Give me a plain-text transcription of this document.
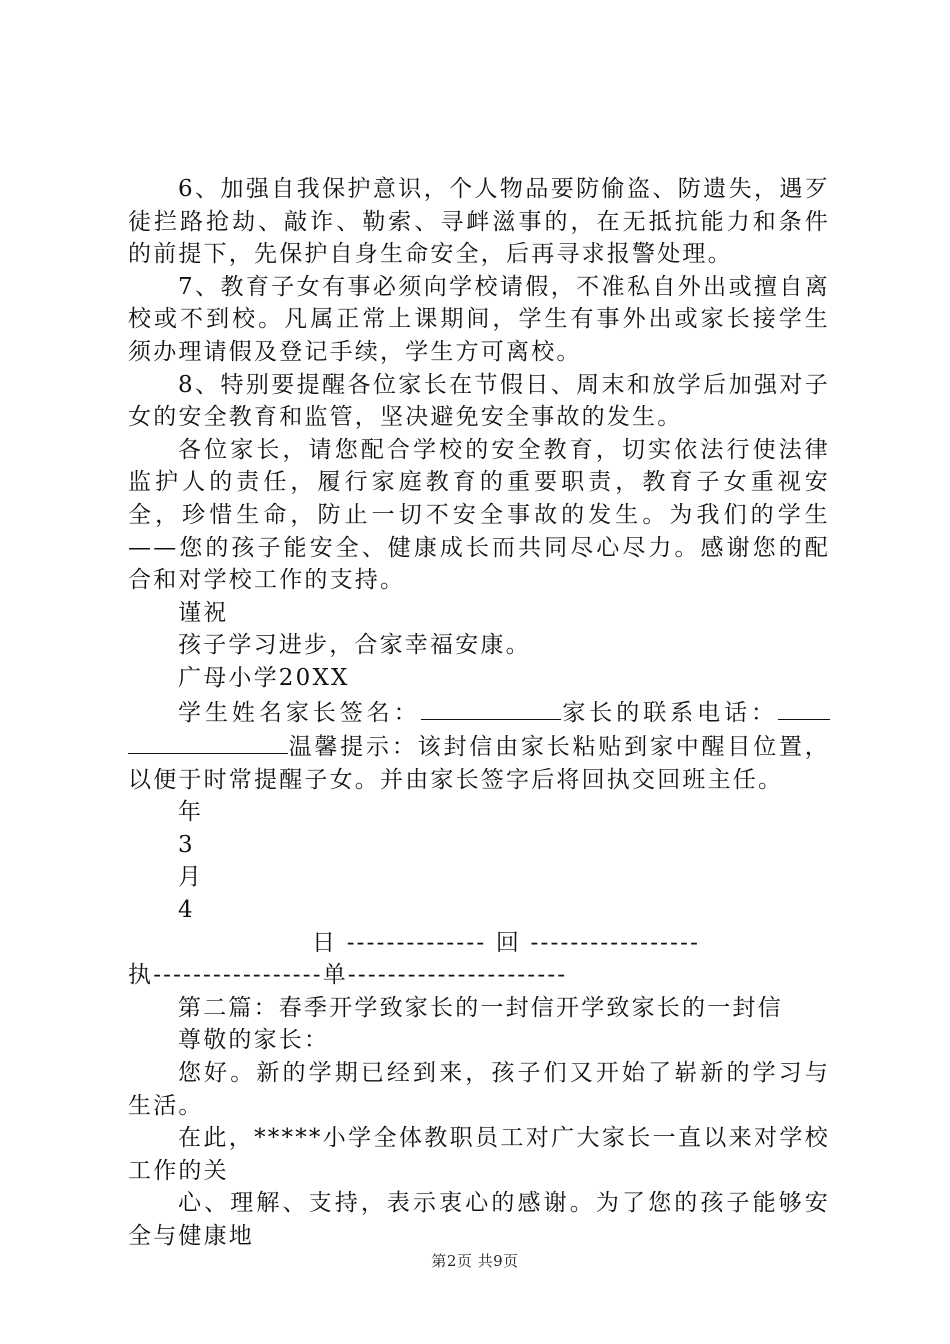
6、加强自我保护意识，个人物品要防偷盗、防遗失，遇歹徒拦路抢劫、敲诈、勒索、寻衅滋事的，在无抵抗能力和条件的前提下，先保护自身生命安全，后再寻求报警处理。

7、教育子女有事必须向学校请假，不准私自外出或擅自离校或不到校。凡属正常上课期间，学生有事外出或家长接学生须办理请假及登记手续，学生方可离校。

8、特别要提醒各位家长在节假日、周末和放学后加强对子女的安全教育和监管，坚决避免安全事故的发生。

各位家长，请您配合学校的安全教育，切实依法行使法律监护人的责任，履行家庭教育的重要职责，教育子女重视安全，珍惜生命，防止一切不安全事故的发生。为我们的学生——您的孩子能安全、健康成长而共同尽心尽力。感谢您的配合和对学校工作的支持。

谨祝

孩子学习进步，合家幸福安康。

广母小学20XX

学生姓名家长签名：	家长的联系电话：温馨提示：该封信由家长粘贴到家中醒目位置，以便于时常提醒子女。并由家长签字后将回执交回班主任。

年

3

月

4

日 -------------- 回 -----------------

执-----------------单----------------------

第二篇：春季开学致家长的一封信开学致家长的一封信

尊敬的家长：

您好。新的学期已经到来，孩子们又开始了崭新的学习与生活。

在此，*****小学全体教职员工对广大家长一直以来对学校工作的关

心、理解、支持，表示衷心的感谢。为了您的孩子能够安全与健康地

第2页 共9页
